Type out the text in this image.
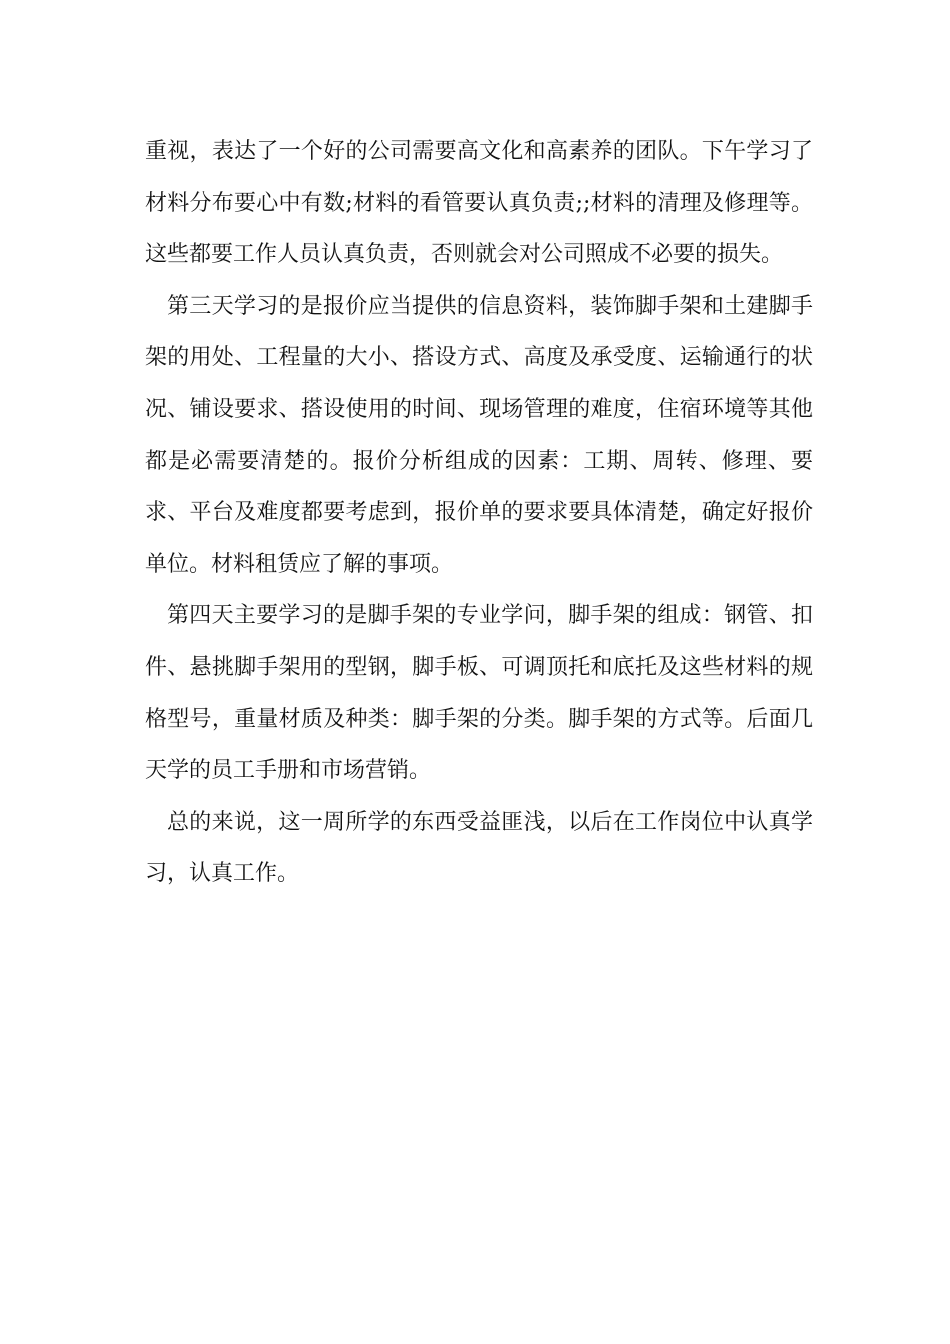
重视，表达了一个好的公司需要高文化和高素养的团队。下午学习了材料分布要心中有数;材料的看管要认真负责;;材料的清理及修理等。这些都要工作人员认真负责，否则就会对公司照成不必要的损失。

第三天学习的是报价应当提供的信息资料，装饰脚手架和土建脚手架的用处、工程量的大小、搭设方式、高度及承受度、运输通行的状况、铺设要求、搭设使用的时间、现场管理的难度，住宿环境等其他都是必需要清楚的。报价分析组成的因素：工期、周转、修理、要求、平台及难度都要考虑到，报价单的要求要具体清楚，确定好报价单位。材料租赁应了解的事项。

第四天主要学习的是脚手架的专业学问，脚手架的组成：钢管、扣件、悬挑脚手架用的型钢，脚手板、可调顶托和底托及这些材料的规格型号，重量材质及种类：脚手架的分类。脚手架的方式等。后面几天学的员工手册和市场营销。

总的来说，这一周所学的东西受益匪浅，以后在工作岗位中认真学习，认真工作。
